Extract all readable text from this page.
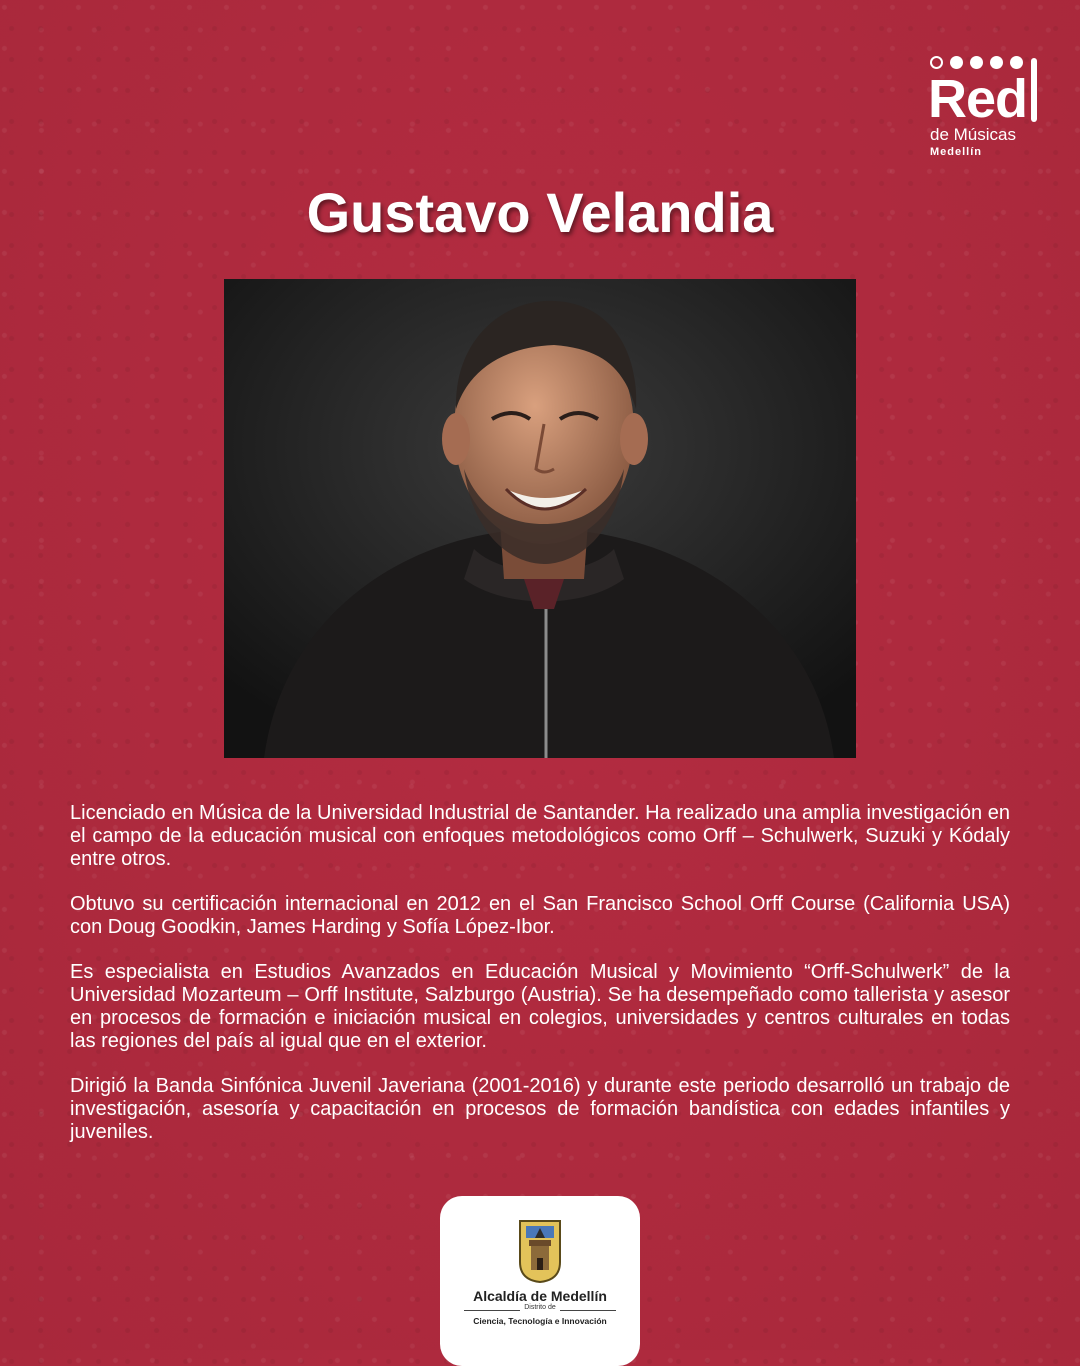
Red
de Músicas
Medellín
Gustavo Velandia

Licenciado en Música de la Universidad Industrial de Santander. Ha realizado una amplia investigación en el campo de la educación musical con enfoques metodológicos como Orff – Schulwerk, Suzuki y Kódaly entre otros.

Obtuvo su certificación internacional en 2012 en el San Francisco School Orff Course (California USA) con Doug Goodkin, James Harding y Sofía López-Ibor.

Es especialista en Estudios Avanzados en Educación Musical y Movimiento “Orff-Schulwerk” de la Universidad Mozarteum – Orff Institute, Salzburgo (Austria). Se ha desempeñado como tallerista y asesor en procesos de formación e iniciación musical en colegios, universidades y centros culturales en todas las regiones del país al igual que en el exterior.

Dirigió la Banda Sinfónica Juvenil Javeriana (2001-2016) y durante este periodo desarrolló un trabajo de investigación, asesoría y capacitación en procesos de formación bandística con edades infantiles y juveniles.

Alcaldía de Medellín
Distrito de
Ciencia, Tecnología e Innovación
